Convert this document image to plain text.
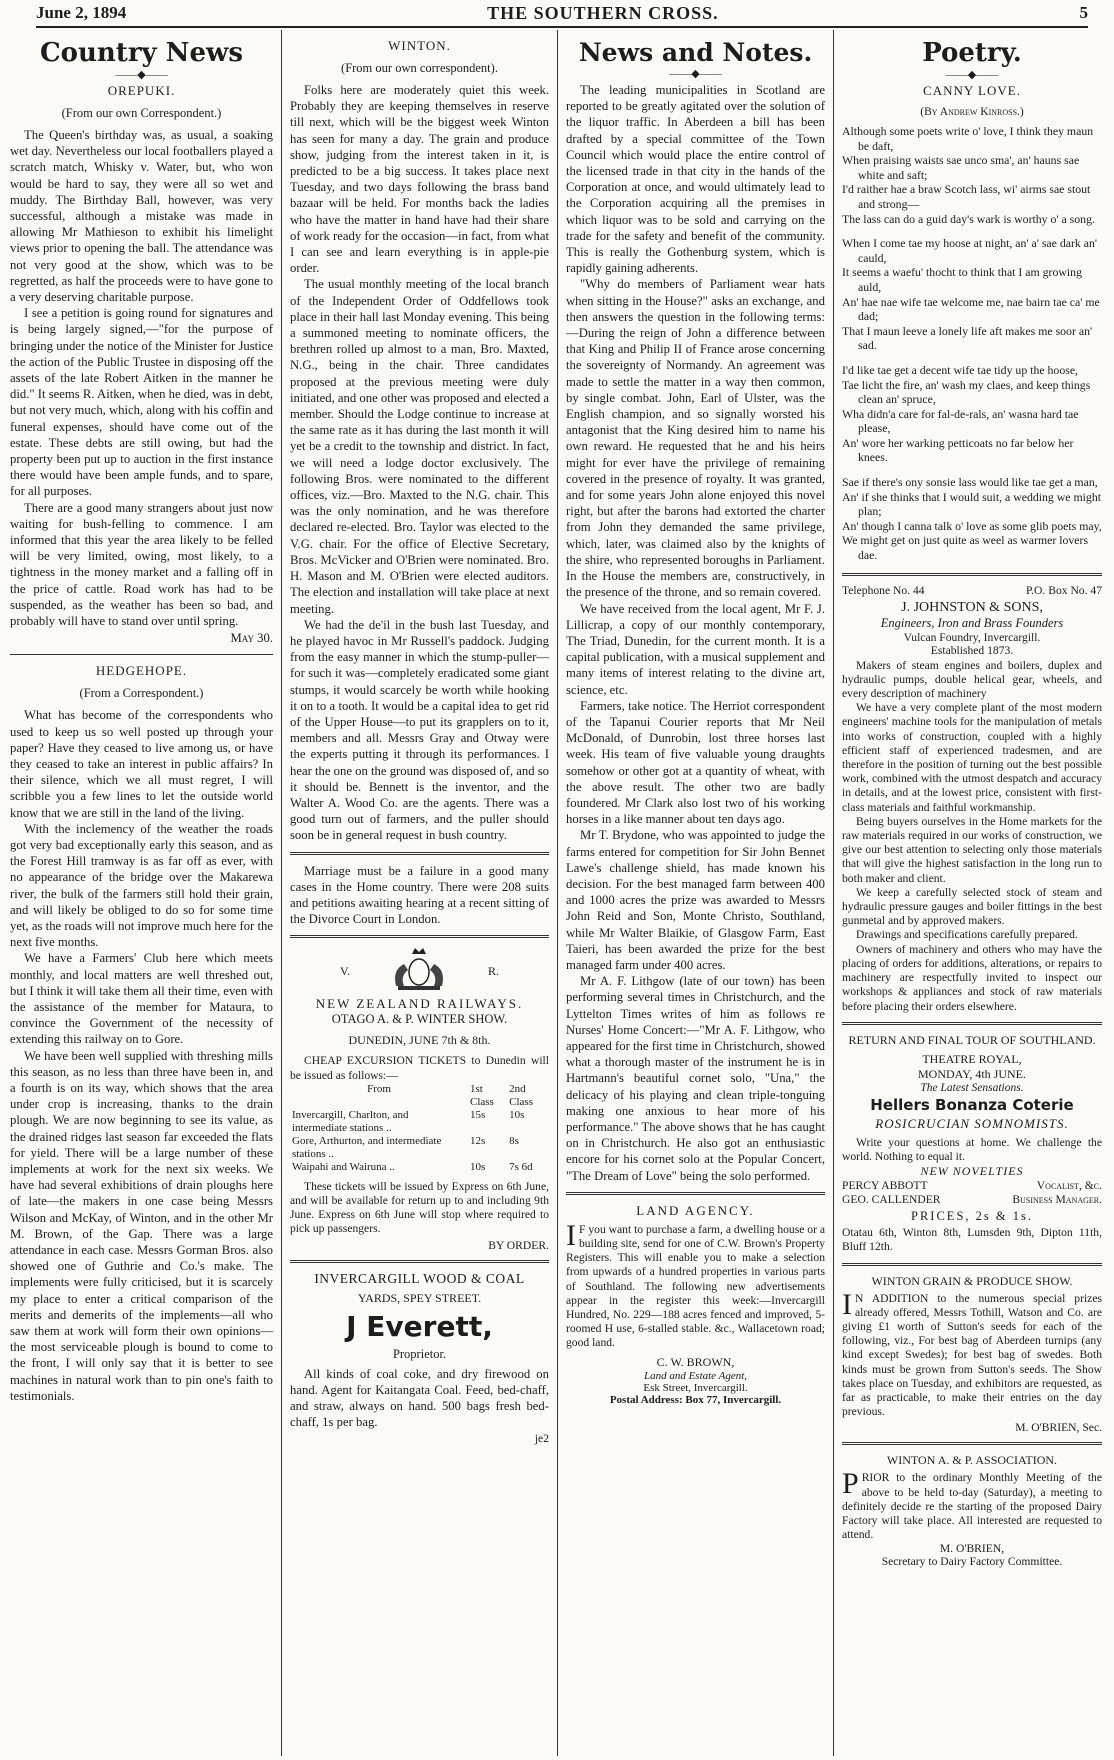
June 2, 1894	THE SOUTHERN CROSS.	5
Country News
——◆——
OREPUKI.
(From our own Correspondent.)

The Queen's birthday was, as usual, a soaking wet day. Nevertheless our local footballers played a scratch match, Whisky v. Water, but, who won would be hard to say, they were all so wet and muddy. The Birthday Ball, however, was very successful, although a mistake was made in allowing Mr Mathieson to exhibit his limelight views prior to opening the ball. The attendance was not very good at the show, which was to be regretted, as half the proceeds were to have gone to a very deserving charitable purpose.

I see a petition is going round for signatures and is being largely signed,—"for the purpose of bringing under the notice of the Minister for Justice the action of the Public Trustee in disposing off the assets of the late Robert Aitken in the manner he did." It seems R. Aitken, when he died, was in debt, but not very much, which, along with his coffin and funeral expenses, should have come out of the estate. These debts are still owing, but had the property been put up to auction in the first instance there would have been ample funds, and to spare, for all purposes.

There are a good many strangers about just now waiting for bush-felling to commence. I am informed that this year the area likely to be felled will be very limited, owing, most likely, to a tightness in the money market and a falling off in the price of cattle. Road work has had to be suspended, as the weather has been so bad, and probably will have to stand over until spring.

May 30.
HEDGEHOPE.
(From a Correspondent.)

What has become of the correspondents who used to keep us so well posted up through your paper? Have they ceased to live among us, or have they ceased to take an interest in public affairs? In their silence, which we all must regret, I will scribble you a few lines to let the outside world know that we are still in the land of the living.

With the inclemency of the weather the roads got very bad exceptionally early this season, and as the Forest Hill tramway is as far off as ever, with no appearance of the bridge over the Makarewa river, the bulk of the farmers still hold their grain, and will likely be obliged to do so for some time yet, as the roads will not improve much here for the next five months.

We have a Farmers' Club here which meets monthly, and local matters are well threshed out, but I think it will take them all their time, even with the assistance of the member for Mataura, to convince the Government of the necessity of extending this railway on to Gore.

We have been well supplied with threshing mills this season, as no less than three have been in, and a fourth is on its way, which shows that the area under crop is increasing, thanks to the drain plough. We are now beginning to see its value, as the drained ridges last season far exceeded the flats for yield. There will be a large number of these implements at work for the next six weeks. We have had several exhibitions of drain ploughs here of late—the makers in one case being Messrs Wilson and McKay, of Winton, and in the other Mr M. Brown, of the Gap. There was a large attendance in each case. Messrs Gorman Bros. also showed one of Guthrie and Co.'s make. The implements were fully criticised, but it is scarcely my place to enter a critical comparison of the merits and demerits of the implements—all who saw them at work will form their own opinions—the most serviceable plough is bound to come to the front, I will only say that it is better to see machines in natural work than to pin one's faith to testimonials.

WINTON.
(From our own correspondent).

Folks here are moderately quiet this week. Probably they are keeping themselves in reserve till next, which will be the biggest week Winton has seen for many a day. The grain and produce show, judging from the interest taken in it, is predicted to be a big success. It takes place next Tuesday, and two days following the brass band bazaar will be held. For months back the ladies who have the matter in hand have had their share of work ready for the occasion—in fact, from what I can see and learn everything is in apple-pie order.

The usual monthly meeting of the local branch of the Independent Order of Oddfellows took place in their hall last Monday evening. This being a summoned meeting to nominate officers, the brethren rolled up almost to a man, Bro. Maxted, N.G., being in the chair. Three candidates proposed at the previous meeting were duly initiated, and one other was proposed and elected a member. Should the Lodge continue to increase at the same rate as it has during the last month it will yet be a credit to the township and district. In fact, we will need a lodge doctor exclusively. The following Bros. were nominated to the different offices, viz.—Bro. Maxted to the N.G. chair. This was the only nomination, and he was therefore declared re-elected. Bro. Taylor was elected to the V.G. chair. For the office of Elective Secretary, Bros. McVicker and O'Brien were nominated. Bro. H. Mason and M. O'Brien were elected auditors. The election and installation will take place at next meeting.

We had the de'il in the bush last Tuesday, and he played havoc in Mr Russell's paddock. Judging from the easy manner in which the stump-puller—for such it was—completely eradicated some giant stumps, it would scarcely be worth while hooking it on to a tooth. It would be a capital idea to get rid of the Upper House—to put its grapplers on to it, members and all. Messrs Gray and Otway were the experts putting it through its performances. I hear the one on the ground was disposed of, and so it should be. Bennett is the inventor, and the Walter A. Wood Co. are the agents. There was a good turn out of farmers, and the puller should soon be in general request in bush country.

Marriage must be a failure in a good many cases in the Home country. There were 208 suits and petitions awaiting hearing at a recent sitting of the Divorce Court in London.

V.	R.
NEW ZEALAND RAILWAYS.
OTAGO A. & P. WINTER SHOW.
DUNEDIN, JUNE 7th & 8th.

CHEAP EXCURSION TICKETS to Dunedin will be issued as follows:—

From	1st Class	2nd Class
Invercargill, Charlton, and intermediate stations ..	15s	10s
Gore, Arthurton, and intermediate stations ..	12s	8s
Waipahi and Wairuna ..	10s	7s 6d

These tickets will be issued by Express on 6th June, and will be available for return up to and including 9th June. Express on 6th June will stop where required to pick up passengers.

BY ORDER.
INVERCARGILL WOOD & COAL
YARDS, SPEY STREET.
J Everett,
Proprietor.

All kinds of coal coke, and dry firewood on hand. Agent for Kaitangata Coal. Feed, bed-chaff, and straw, always on hand. 500 bags fresh bed-chaff, 1s per bag.

je2
News and Notes.
——◆——

The leading municipalities in Scotland are reported to be greatly agitated over the solution of the liquor traffic. In Aberdeen a bill has been drafted by a special committee of the Town Council which would place the entire control of the licensed trade in that city in the hands of the Corporation at once, and would ultimately lead to the Corporation acquiring all the premises in which liquor was to be sold and carrying on the trade for the safety and benefit of the community. This is really the Gothenburg system, which is rapidly gaining adherents.

"Why do members of Parliament wear hats when sitting in the House?" asks an exchange, and then answers the question in the following terms:—During the reign of John a difference between that King and Philip II of France arose concerning the sovereignty of Normandy. An agreement was made to settle the matter in a way then common, by single combat. John, Earl of Ulster, was the English champion, and so signally worsted his antagonist that the King desired him to name his own reward. He requested that he and his heirs might for ever have the privilege of remaining covered in the presence of royalty. It was granted, and for some years John alone enjoyed this novel right, but after the barons had extorted the charter from John they demanded the same privilege, which, later, was claimed also by the knights of the shire, who represented boroughs in Parliament. In the House the members are, constructively, in the presence of the throne, and so remain covered.

We have received from the local agent, Mr F. J. Lillicrap, a copy of our monthly contemporary, The Triad, Dunedin, for the current month. It is a capital publication, with a musical supplement and many items of interest relating to the divine art, science, etc.

Farmers, take notice. The Herriot correspondent of the Tapanui Courier reports that Mr Neil McDonald, of Dunrobin, lost three horses last week. His team of five valuable young draughts somehow or other got at a quantity of wheat, with the above result. The other two are badly foundered. Mr Clark also lost two of his working horses in a like manner about ten days ago.

Mr T. Brydone, who was appointed to judge the farms entered for competition for Sir John Bennet Lawe's challenge shield, has made known his decision. For the best managed farm between 400 and 1000 acres the prize was awarded to Messrs John Reid and Son, Monte Christo, Southland, while Mr Walter Blaikie, of Glasgow Farm, East Taieri, has been awarded the prize for the best managed farm under 400 acres.

Mr A. F. Lithgow (late of our town) has been performing several times in Christchurch, and the Lyttelton Times writes of him as follows re Nurses' Home Concert:—"Mr A. F. Lithgow, who appeared for the first time in Christchurch, showed what a thorough master of the instrument he is in Hartmann's beautiful cornet solo, "Una," the delicacy of his playing and clean triple-tonguing making one anxious to hear more of his performance." The above shows that he has caught on in Christchurch. He also got an enthusiastic encore for his cornet solo at the Popular Concert, "The Dream of Love" being the solo performed.

LAND AGENCY.

IF you want to purchase a farm, a dwelling house or a building site, send for one of C.W. Brown's Property Registers. This will enable you to make a selection from upwards of a hundred properties in various parts of Southland. The following new advertisements appear in the register this week:—Invercargill Hundred, No. 229—188 acres fenced and improved, 5-roomed H use, 6-stalled stable. &c., Wallacetown road; good land.

C. W. BROWN,
Land and Estate Agent,
Esk Street, Invercargill.
Postal Address: Box 77, Invercargill.
Poetry.
——◆——
CANNY LOVE.
(By Andrew Kinross.)
Although some poets write o' love, I think they maun be daft,
When praising waists sae unco sma', an' hauns sae white and saft;
I'd raither hae a braw Scotch lass, wi' airms sae stout and strong—
The lass can do a guid day's wark is worthy o' a song.
When I come tae my hoose at night, an' a' sae dark an' cauld,
It seems a waefu' thocht to think that I am growing auld,
An' hae nae wife tae welcome me, nae bairn tae ca' me dad;
That I maun leeve a lonely life aft makes me soor an' sad.
I'd like tae get a decent wife tae tidy up the hoose,
Tae licht the fire, an' wash my claes, and keep things clean an' spruce,
Wha didn'a care for fal-de-rals, an' wasna hard tae please,
An' wore her warking petticoats no far below her knees.
Sae if there's ony sonsie lass would like tae get a man,
An' if she thinks that I would suit, a wedding we might plan;
An' though I canna talk o' love as some glib poets may,
We might get on just quite as weel as warmer lovers dae.
Telephone No. 44	P.O. Box No. 47
J. JOHNSTON & SONS,
Engineers, Iron and Brass Founders
Vulcan Foundry, Invercargill.
Established 1873.

Makers of steam engines and boilers, duplex and hydraulic pumps, double helical gear, wheels, and every description of machinery

We have a very complete plant of the most modern engineers' machine tools for the manipulation of metals into works of construction, coupled with a highly efficient staff of experienced tradesmen, and are therefore in the position of turning out the best possible work, combined with the utmost despatch and accuracy in details, and at the lowest price, consistent with first-class materials and faithful workmanship.

Being buyers ourselves in the Home markets for the raw materials required in our works of construction, we give our best attention to selecting only those materials that will give the highest satisfaction in the long run to both maker and client.

We keep a carefully selected stock of steam and hydraulic pressure gauges and boiler fittings in the best gunmetal and by approved makers.

Drawings and specifications carefully prepared.

Owners of machinery and others who may have the placing of orders for additions, alterations, or repairs to machinery are respectfully invited to inspect our workshops & appliances and stock of raw materials before placing their orders elsewhere.

RETURN AND FINAL TOUR OF SOUTHLAND.
THEATRE ROYAL,
MONDAY, 4th JUNE.
The Latest Sensations.
Hellers Bonanza Coterie
ROSICRUCIAN SOMNOMISTS.

Write your questions at home. We challenge the world. Nothing to equal it.

NEW NOVELTIES
PERCY ABBOTT	Vocalist, &c.
GEO. CALLENDER	Business Manager.
PRICES, 2s & 1s.

Otatau 6th, Winton 8th, Lumsden 9th, Dipton 11th, Bluff 12th.

WINTON GRAIN & PRODUCE SHOW.

IN ADDITION to the numerous special prizes already offered, Messrs Tothill, Watson and Co. are giving £1 worth of Sutton's seeds for each of the following, viz., For best bag of Aberdeen turnips (any kind except Swedes); for best bag of swedes. Both kinds must be grown from Sutton's seeds. The Show takes place on Tuesday, and exhibitors are requested, as far as practicable, to make their entries on the day previous.

M. O'BRIEN, Sec.
WINTON A. & P. ASSOCIATION.

PRIOR to the ordinary Monthly Meeting of the above to be held to-day (Saturday), a meeting to definitely decide re the starting of the proposed Dairy Factory will take place. All interested are requested to attend.

M. O'BRIEN,
Secretary to Dairy Factory Committee.
